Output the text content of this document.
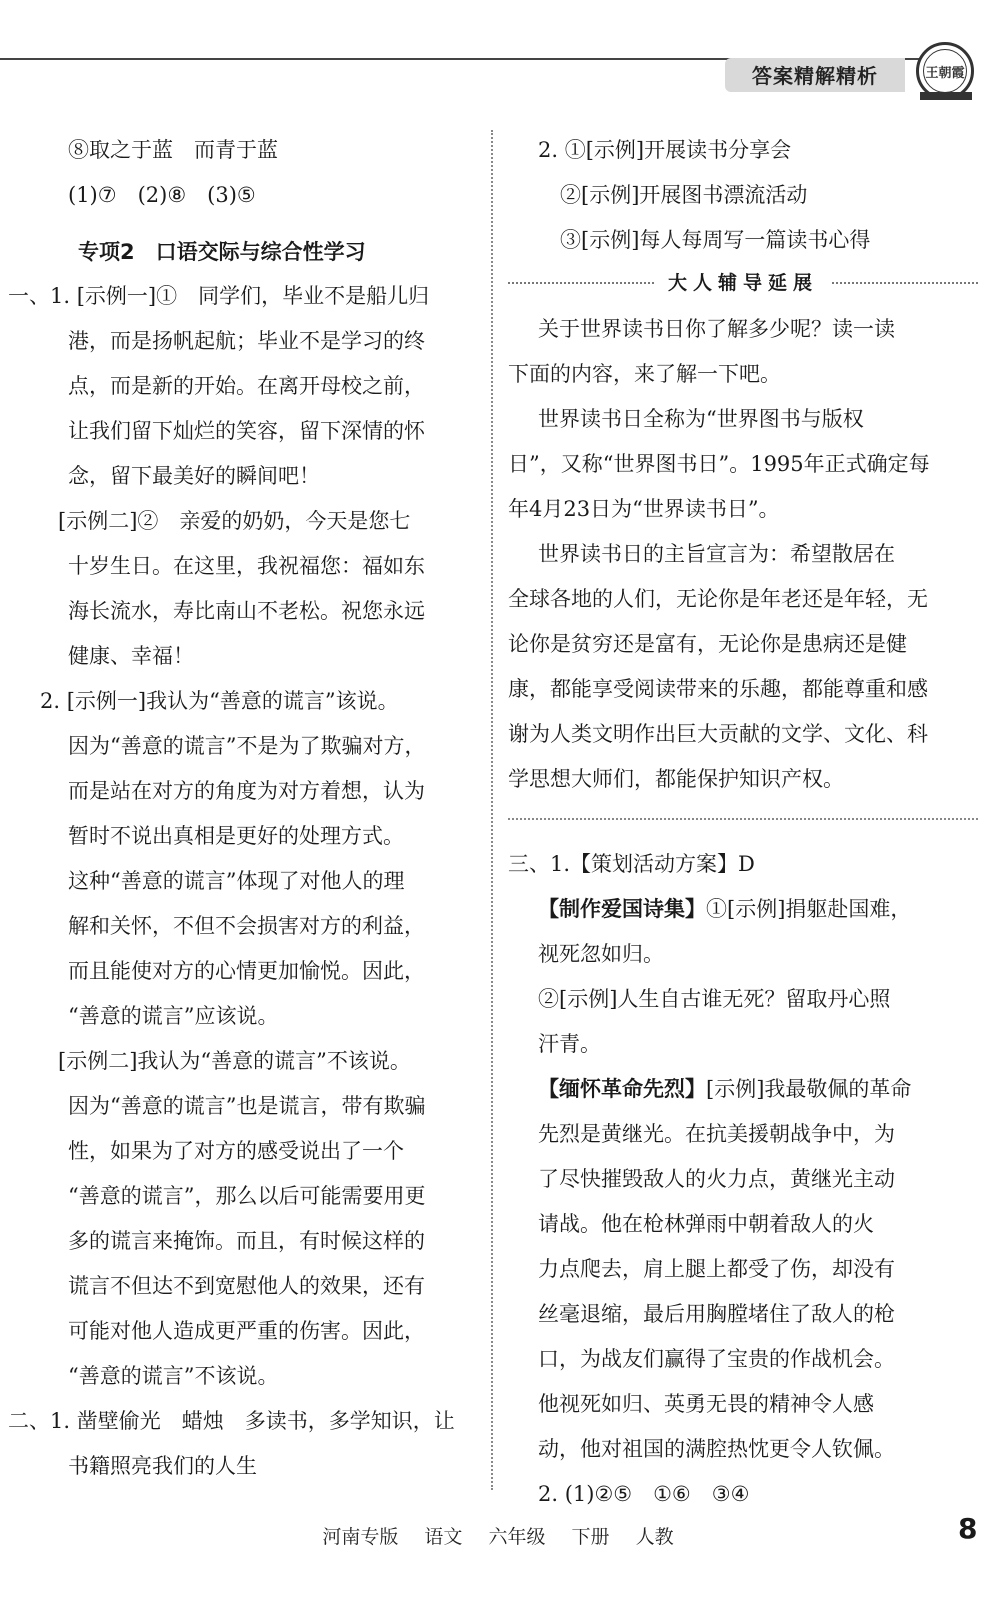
答案精解精析	王朝霞
⑧取之于蓝　而青于蓝
(1)⑦　(2)⑧　(3)⑤
专项2　口语交际与综合性学习
一、1. [示例一]①　同学们，毕业不是船儿归
港，而是扬帆起航；毕业不是学习的终
点，而是新的开始。在离开母校之前，
让我们留下灿烂的笑容，留下深情的怀
念，留下最美好的瞬间吧！
[示例二]②　亲爱的奶奶，今天是您七
十岁生日。在这里，我祝福您：福如东
海长流水，寿比南山不老松。祝您永远
健康、幸福！
2. [示例一]我认为“善意的谎言”该说。
因为“善意的谎言”不是为了欺骗对方，
而是站在对方的角度为对方着想，认为
暂时不说出真相是更好的处理方式。
这种“善意的谎言”体现了对他人的理
解和关怀，不但不会损害对方的利益，
而且能使对方的心情更加愉悦。因此，
“善意的谎言”应该说。
[示例二]我认为“善意的谎言”不该说。
因为“善意的谎言”也是谎言，带有欺骗
性，如果为了对方的感受说出了一个
“善意的谎言”，那么以后可能需要用更
多的谎言来掩饰。而且，有时候这样的
谎言不但达不到宽慰他人的效果，还有
可能对他人造成更严重的伤害。因此，
“善意的谎言”不该说。
二、1. 凿壁偷光　蜡烛　多读书，多学知识，让
书籍照亮我们的人生
2. ①[示例]开展读书分享会
②[示例]开展图书漂流活动
③[示例]每人每周写一篇读书心得
大人辅导延展
关于世界读书日你了解多少呢？读一读
下面的内容，来了解一下吧。
世界读书日全称为“世界图书与版权
日”，又称“世界图书日”。1995年正式确定每
年4月23日为“世界读书日”。
世界读书日的主旨宣言为：希望散居在
全球各地的人们，无论你是年老还是年轻，无
论你是贫穷还是富有，无论你是患病还是健
康，都能享受阅读带来的乐趣，都能尊重和感
谢为人类文明作出巨大贡献的文学、文化、科
学思想大师们，都能保护知识产权。
三、1.【策划活动方案】D
【制作爱国诗集】①[示例]捐躯赴国难，
视死忽如归。
②[示例]人生自古谁无死？留取丹心照
汗青。
【缅怀革命先烈】[示例]我最敬佩的革命
先烈是黄继光。在抗美援朝战争中，为
了尽快摧毁敌人的火力点，黄继光主动
请战。他在枪林弹雨中朝着敌人的火
力点爬去，肩上腿上都受了伤，却没有
丝毫退缩，最后用胸膛堵住了敌人的枪
口，为战友们赢得了宝贵的作战机会。
他视死如归、英勇无畏的精神令人感
动，他对祖国的满腔热忱更令人钦佩。
2. (1)②⑤　①⑥　③④
河南专版 语文 六年级 下册 人教	8
